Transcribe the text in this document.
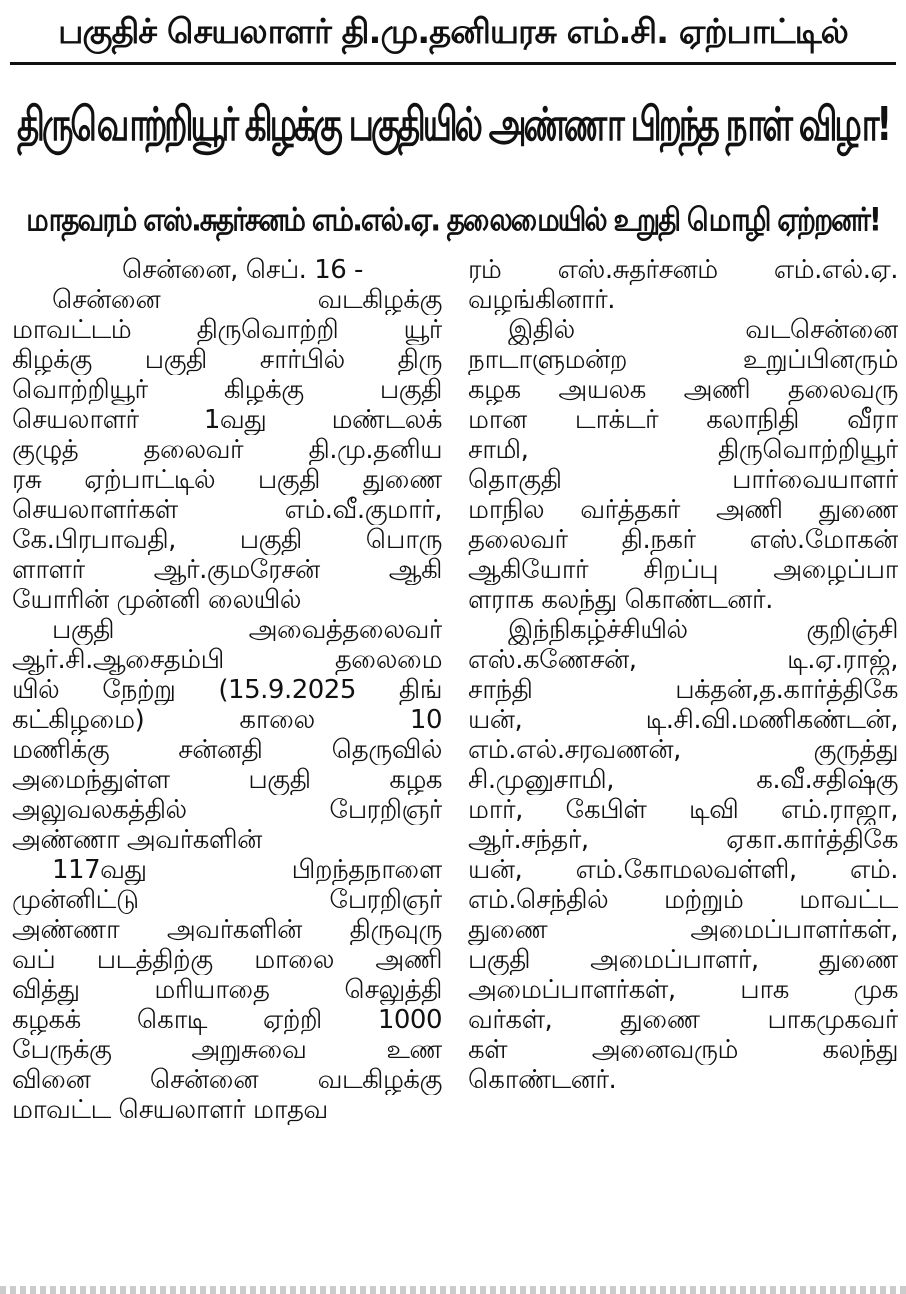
பகுதிச் செயலாளர் தி.மு.தனியரசு எம்.சி. ஏற்பாட்டில்
திருவொற்றியூர் கிழக்கு பகுதியில் அண்ணா பிறந்த நாள் விழா!
மாதவரம் எஸ்.சுதர்சனம் எம்.எல்.ஏ. தலைமையில் உறுதி மொழி ஏற்றனர்!
சென்னை, செப். 16 -
சென்னை வடகிழக்கு
மாவட்டம் திருவொற்றி யூர்
கிழக்கு பகுதி சார்பில் திரு
வொற்றியூர் கிழக்கு பகுதி
செயலாளர் 1வது மண்டலக்
குழுத் தலைவர் தி.மு.தனிய
ரசு ஏற்பாட்டில் பகுதி துணை
செயலாளர்கள் எம்.வீ.குமார்,
கே.பிரபாவதி, பகுதி பொரு
ளாளர் ஆர்.குமரேசன் ஆகி
யோரின் முன்னி லையில்
பகுதி அவைத்தலைவர்
ஆர்.சி.ஆசைதம்பி தலைமை
யில் நேற்று (15.9.2025 திங்
கட்கிழமை) காலை 10
மணிக்கு சன்னதி தெருவில்
அமைந்துள்ள பகுதி கழக
அலுவலகத்தில் பேரறிஞர்
அண்ணா அவர்களின்
117வது பிறந்தநாளை
முன்னிட்டு பேரறிஞர்
அண்ணா அவர்களின் திருவுரு
வப் படத்திற்கு மாலை அணி
வித்து மரியாதை செலுத்தி
கழகக் கொடி ஏற்றி 1000
பேருக்கு அறுசுவை உண
வினை சென்னை வடகிழக்கு
மாவட்ட செயலாளர் மாதவ
ரம் எஸ்.சுதர்சனம் எம்.எல்.ஏ.
வழங்கினார்.
இதில் வடசென்னை
நாடாளுமன்ற உறுப்பினரும்
கழக அயலக அணி தலைவரு
மான டாக்டர் கலாநிதி வீரா
சாமி, திருவொற்றியூர்
தொகுதி பார்வையாளர்
மாநில வர்த்தகர் அணி துணை
தலைவர் தி.நகர் எஸ்.மோகன்
ஆகியோர் சிறப்பு அழைப்பா
ளராக கலந்து கொண்டனர்.
இந்நிகழ்ச்சியில் குறிஞ்சி
எஸ்.கணேசன், டி.ஏ.ராஜ்,
சாந்தி பக்தன்,த.கார்த்திகே
யன், டி.சி.வி.மணிகண்டன்,
எம்.எல்.சரவணன், குருத்து
சி.முனுசாமி, க.வீ.சதிஷ்கு
மார், கேபிள் டிவி எம்.ராஜா,
ஆர்.சந்தர், ஏகா.கார்த்திகே
யன், எம்.கோமலவள்ளி, எம்.
எம்.செந்தில் மற்றும் மாவட்ட
துணை அமைப்பாளர்கள்,
பகுதி அமைப்பாளர், துணை
அமைப்பாளர்கள், பாக முக
வர்கள், துணை பாகமுகவர்
கள் அனைவரும் கலந்து
கொண்டனர்.
